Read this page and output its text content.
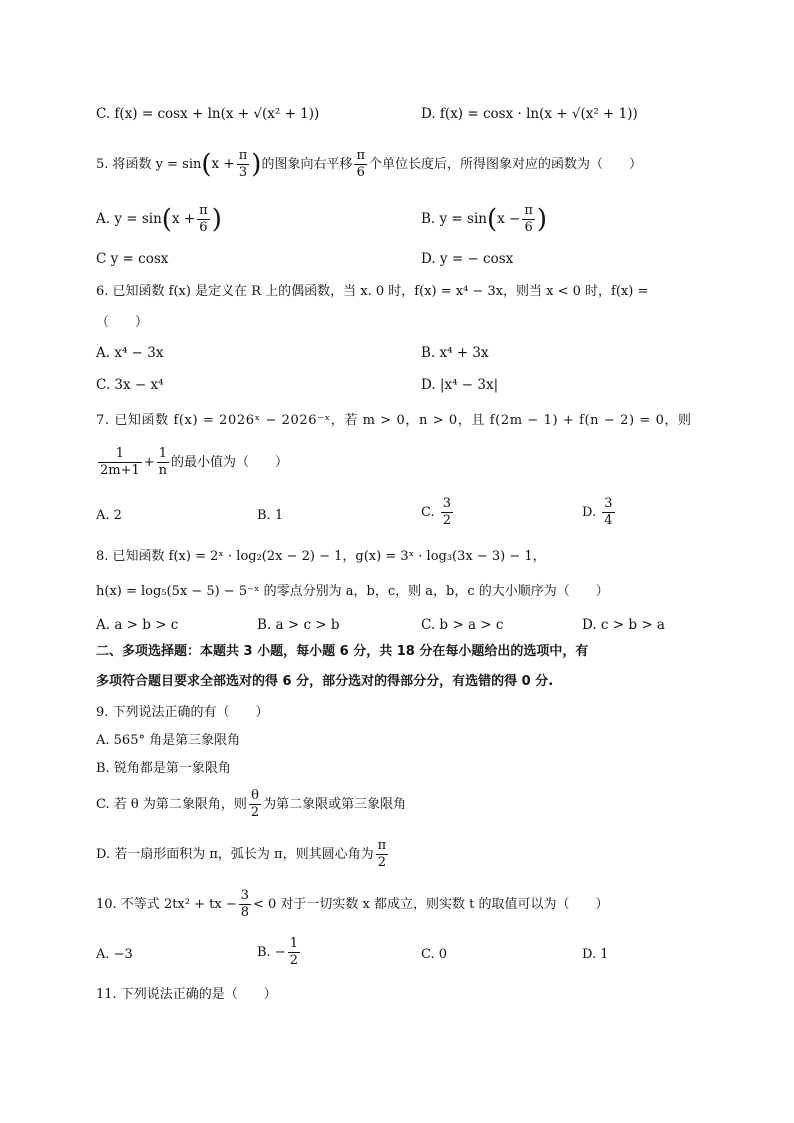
C. f(x) = cosx + ln(x + √(x² + 1))	D. f(x) = cosx · ln(x + √(x² + 1))
5. 将函数 $y = \sin(x + \frac{\pi}{3}$ )的图象向右平移 $\frac{\pi}{6}$ 个单位长度后，所得图象对应的函数为（　　）
A. $y = \sin(x + \frac{\pi}{6}$ )	B. $y = \sin(x - \frac{\pi}{6}$ )
C y = cosx	D. y = − cosx
6. 已知函数 f(x) 是定义在 R 上的偶函数，当 x. 0 时，f(x) = x⁴ − 3x，则当 x < 0 时，f(x) =
（　　）
A. x⁴ − 3x	B. x⁴ + 3x
C. 3x − x⁴	D. |x⁴ − 3x|
7. 已知函数 f(x) = 2026ˣ − 2026⁻ˣ，若 m > 0，n > 0，且 f(2m − 1) + f(n − 2) = 0，则
$\frac{1}{2m+1} + \frac{1}{n}$ 的最小值为（　　）
A. 2	B. 1	C. $\frac{3}{2}$	D. $\frac{3}{4}$
8. 已知函数 f(x) = 2ˣ · log₂(2x − 2) − 1，g(x) = 3ˣ · log₃(3x − 3) − 1，
h(x) = log₅(5x − 5) − 5⁻ˣ 的零点分别为 a，b，c，则 a，b，c 的大小顺序为（　　）
A. a > b > c	B. a > c > b	C. b > a > c	D. c > b > a
二、多项选择题：本题共 3 小题，每小题 6 分，共 18 分在每小题给出的选项中，有
多项符合题目要求全部选对的得 6 分，部分选对的得部分分，有选错的得 0 分.
9. 下列说法正确的有（　　）
A. 565° 角是第三象限角
B. 锐角都是第一象限角
C. 若 θ 为第二象限角，则 $\frac{\theta}{2}$ 为第二象限或第三象限角
D. 若一扇形面积为 π，弧长为 π，则其圆心角为 $\frac{\pi}{2}$
10. 不等式 2tx² + tx − $\frac{3}{8} < 0$ 对于一切实数 x 都成立，则实数 t 的取值可以为（　　）
A. −3	B. − $\frac{1}{2}$	C. 0	D. 1
11. 下列说法正确的是（　　）
